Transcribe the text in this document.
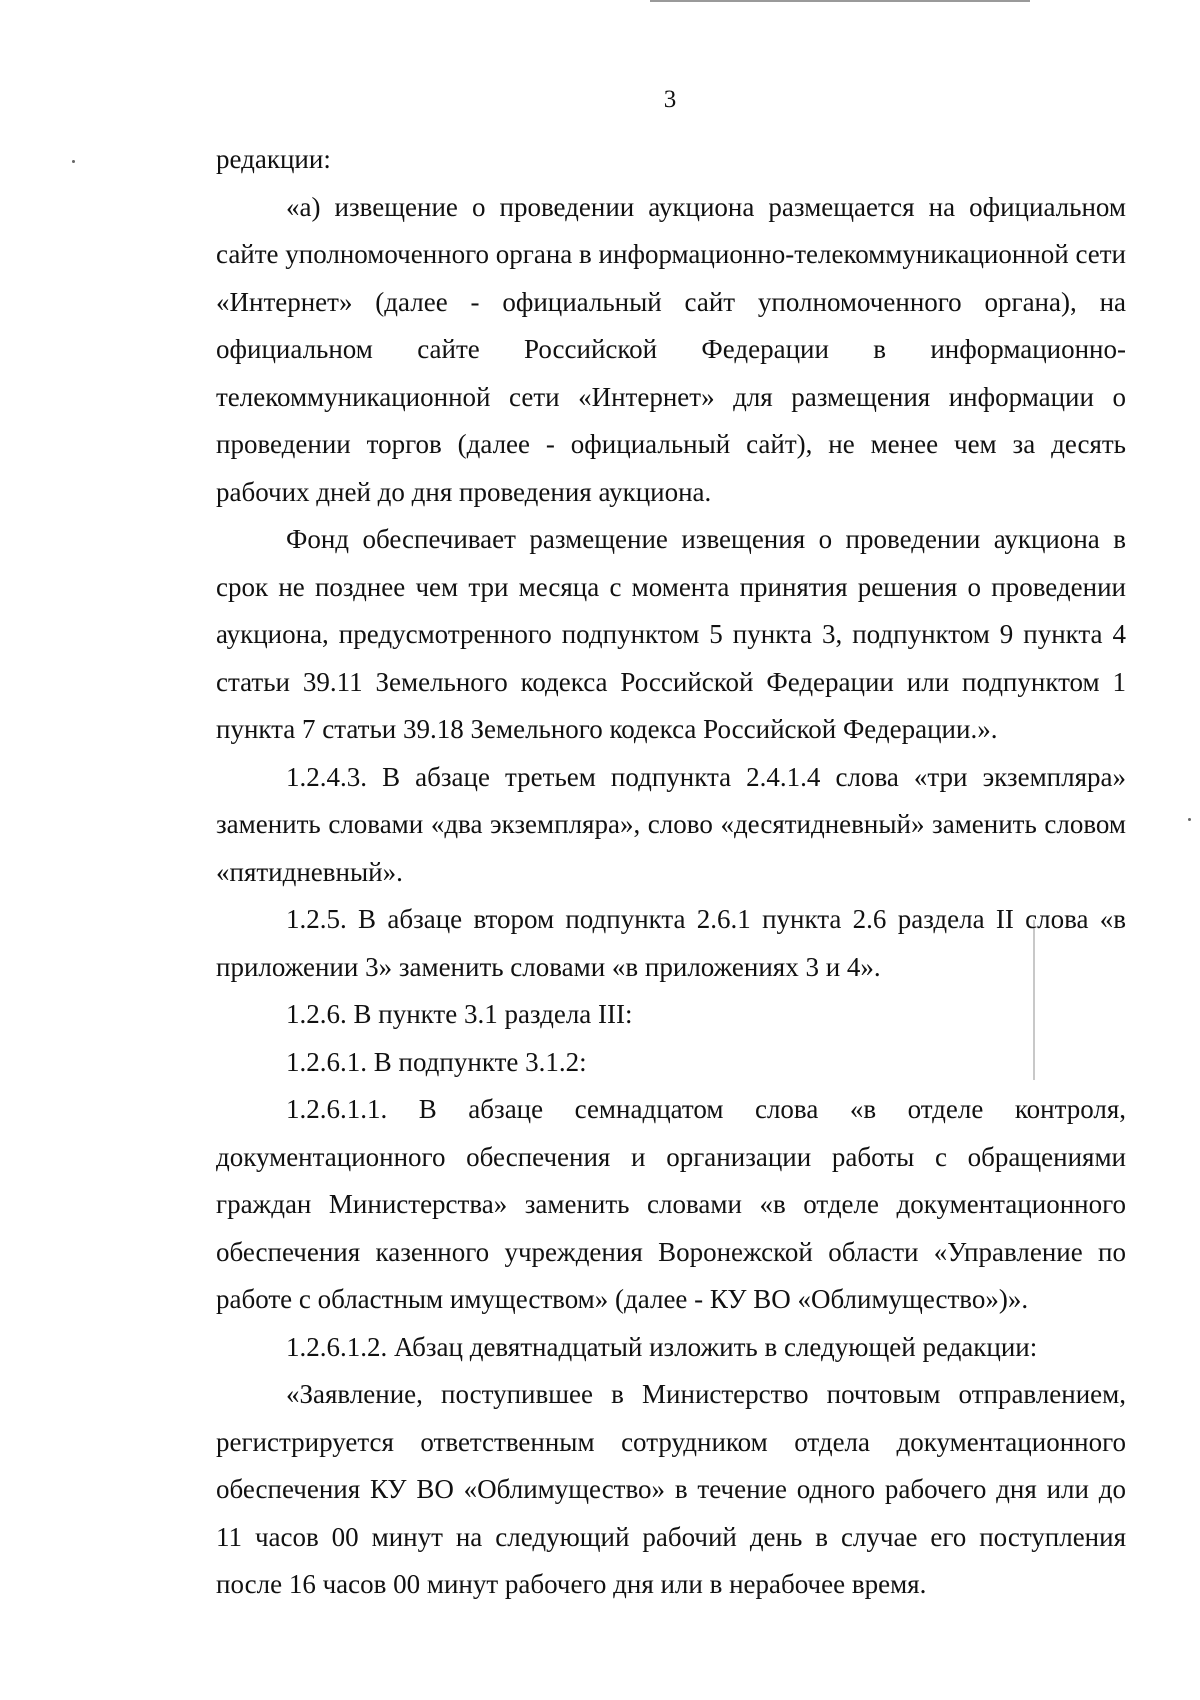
3

редакции:

«а) извещение о проведении аукциона размещается на официальном сайте уполномоченного органа в информационно-телекоммуникационной сети «Интернет» (далее - официальный сайт уполномоченного органа), на официальном сайте Российской Федерации в информационно-телекоммуникационной сети «Интернет» для размещения информации о проведении торгов (далее - официальный сайт), не менее чем за десять рабочих дней до дня проведения аукциона.

Фонд обеспечивает размещение извещения о проведении аукциона в срок не позднее чем три месяца с момента принятия решения о проведении аукциона, предусмотренного подпунктом 5 пункта 3, подпунктом 9 пункта 4 статьи 39.11 Земельного кодекса Российской Федерации или подпунктом 1 пункта 7 статьи 39.18 Земельного кодекса Российской Федерации.».

1.2.4.3. В абзаце третьем подпункта 2.4.1.4 слова «три экземпляра» заменить словами «два экземпляра», слово «десятидневный» заменить словом «пятидневный».

1.2.5. В абзаце втором подпункта 2.6.1 пункта 2.6 раздела II слова «в приложении 3» заменить словами «в приложениях 3 и 4».

1.2.6. В пункте 3.1 раздела III:

1.2.6.1. В подпункте 3.1.2:

1.2.6.1.1. В абзаце семнадцатом слова «в отделе контроля, документационного обеспечения и организации работы с обращениями граждан Министерства» заменить словами «в отделе документационного обеспечения казенного учреждения Воронежской области «Управление по работе с областным имуществом» (далее - КУ ВО «Облимущество»)».

1.2.6.1.2. Абзац девятнадцатый изложить в следующей редакции:

«Заявление, поступившее в Министерство почтовым отправлением, регистрируется ответственным сотрудником отдела документационного обеспечения КУ ВО «Облимущество» в течение одного рабочего дня или до 11 часов 00 минут на следующий рабочий день в случае его поступления после 16 часов 00 минут рабочего дня или в нерабочее время.
